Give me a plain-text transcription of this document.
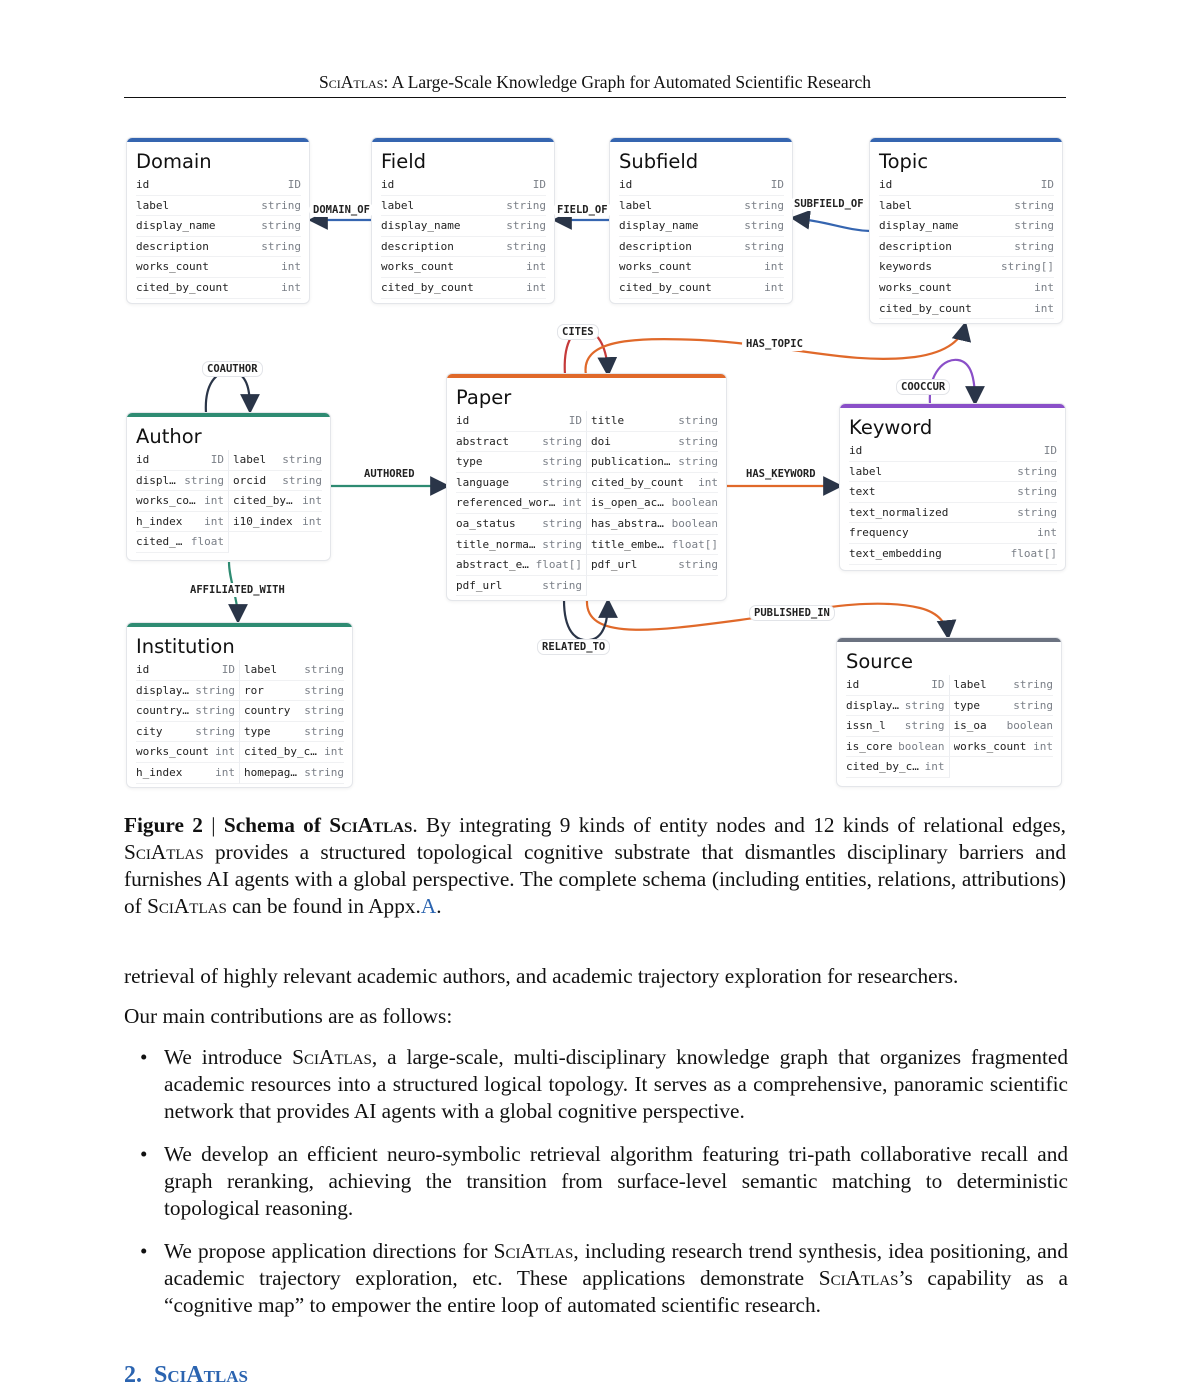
SciAtlas: A Large-Scale Knowledge Graph for Automated Scientific Research
Domain
id	ID
label	string
display_name	string
description	string
works_count	int
cited_by_count	int
Field
id	ID
label	string
display_name	string
description	string
works_count	int
cited_by_count	int
Subfield
id	ID
label	string
display_name	string
description	string
works_count	int
cited_by_count	int
Topic
id	ID
label	string
display_name	string
description	string
keywords	string[]
works_count	int
cited_by_count	int
Author
id	ID label	string
displ… string orcid	string
works_co… int cited_by… int
h_index	int i10_index int
cited_… float
Paper
id	ID title	string
abstract	string doi	string
type	string publication… string
language	string cited_by_count	int
referenced_wor… int is_open_ac… boolean
oa_status	string has_abstra… boolean
title_norma… string title_embe… float[]
abstract_e… float[] pdf_url	string
pdf_url	string
Keyword
id	ID
label	string
text	string
text_normalized	string
frequency	int
text_embedding	float[]
Institution
id	ID label	string
display… string ror	string
country… string country	string
city	string type	string
works_count int cited_by_c… int
h_index	int homepag… string
Source
id	ID label	string
display… string type	string
issn_l	string is_oa	boolean
is_core boolean works_count int
cited_by_c… int
DOMAIN_OF	FIELD_OF	SUBFIELD_OF
CITES
HAS_TOPIC
COAUTHOR
COOCCUR
AUTHORED	HAS_KEYWORD
AFFILIATED_WITH
PUBLISHED_IN
RELATED_TO
Figure 2 | Schema of SciAtlas. By integrating 9 kinds of entity nodes and 12 kinds of relational edges, SciAtlas provides a structured topological cognitive substrate that dismantles disciplinary barriers and furnishes AI agents with a global perspective. The complete schema (including entities, relations, attributions) of SciAtlas can be found in Appx.A.
retrieval of highly relevant academic authors, and academic trajectory exploration for researchers.
Our main contributions are as follows:
• We introduce SciAtlas, a large-scale, multi-disciplinary knowledge graph that organizes fragmented academic resources into a structured logical topology. It serves as a comprehensive, panoramic scientific network that provides AI agents with a global cognitive perspective.
• We develop an efficient neuro-symbolic retrieval algorithm featuring tri-path collaborative recall and graph reranking, achieving the transition from surface-level semantic matching to deterministic topological reasoning.
• We propose application directions for SciAtlas, including research trend synthesis, idea positioning, and academic trajectory exploration, etc. These applications demonstrate SciAtlas’s capability as a “cognitive map” to empower the entire loop of automated scientific research.
2. SciAtlas
